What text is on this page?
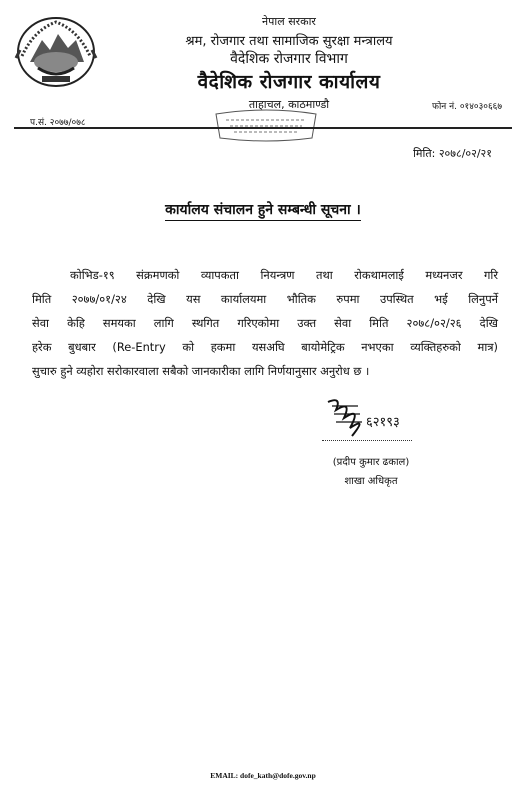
नेपाल सरकार
श्रम, रोजगार तथा सामाजिक सुरक्षा मन्त्रालय
वैदेशिक रोजगार विभाग
वैदेशिक रोजगार कार्यालय
ताहाचल, काठमाण्डौ	फोन नं. ०१४०३०६६७
प.सं. २०७७/०७८
मिति: २०७८/०२/२१
कार्यालय संचालन हुने सम्बन्धी सूचना ।
कोभिड-१९ संक्रमणको व्यापकता नियन्त्रण तथा रोकथामलाई मध्यनजर गरि
मिति २०७७/०१/२४ देखि यस कार्यालयमा भौतिक रुपमा उपस्थित भई लिनुपर्ने
सेवा केहि समयका लागि स्थगित गरिएकोमा उक्त सेवा मिति २०७८/०२/२६ देखि
हरेक बुधबार (Re-Entry को हकमा यसअघि बायोमेट्रिक नभएका व्यक्तिहरुको मात्र)
सुचारु हुने व्यहोरा सरोकारवाला सबैको जानकारीका लागि निर्णयानुसार अनुरोध छ ।
६२१९३
(प्रदीप कुमार ढकाल)
शाखा अधिकृत
EMAIL: dofe_kath@dofe.gov.np
